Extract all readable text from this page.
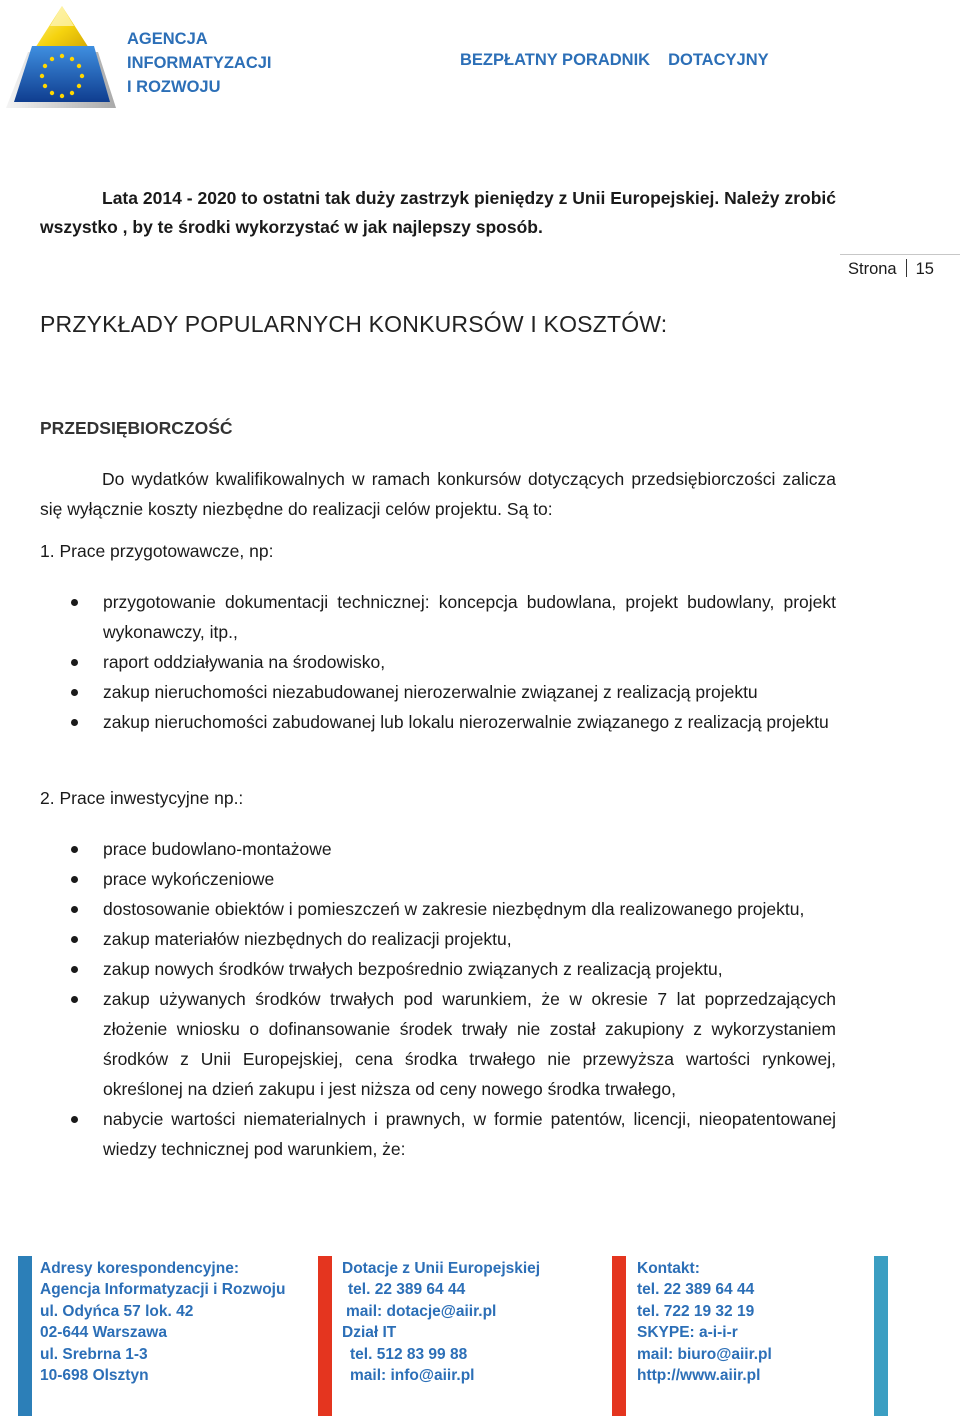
AGENCJA
INFORMATYZACJI
I ROZWOJU
BEZPŁATNY PORADNIK DOTACYJNY

Lata 2014 - 2020 to ostatni tak duży zastrzyk pieniędzy z Unii Europejskiej. Należy zrobić wszystko , by te środki wykorzystać w jak najlepszy sposób.

Strona 15
PRZYKŁADY POPULARNYCH KONKURSÓW I KOSZTÓW:
PRZEDSIĘBIORCZOŚĆ

Do wydatków kwalifikowalnych w ramach konkursów dotyczących przedsiębiorczości zalicza się wyłącznie koszty niezbędne do realizacji celów projektu. Są to:

1. Prace przygotowawcze, np:
przygotowanie dokumentacji technicznej: koncepcja budowlana, projekt budowlany, projekt wykonawczy, itp.,
raport oddziaływania na środowisko,
zakup nieruchomości niezabudowanej nierozerwalnie związanej z realizacją projektu
zakup nieruchomości zabudowanej lub lokalu nierozerwalnie związanego z realizacją projektu
2. Prace inwestycyjne np.:
prace budowlano-montażowe
prace wykończeniowe
dostosowanie obiektów i pomieszczeń w zakresie niezbędnym dla realizowanego projektu,
zakup materiałów niezbędnych do realizacji projektu,
zakup nowych środków trwałych bezpośrednio związanych z realizacją projektu,
zakup używanych środków trwałych pod warunkiem, że w okresie 7 lat poprzedzających złożenie wniosku o dofinansowanie środek trwały nie został zakupiony z wykorzystaniem środków z Unii Europejskiej, cena środka trwałego nie przewyższa wartości rynkowej, określonej na dzień zakupu i jest niższa od ceny nowego środka trwałego,
nabycie wartości niematerialnych i prawnych, w formie patentów, licencji, nieopatentowanej wiedzy technicznej pod warunkiem, że:
Adresy korespondencyjne:
Agencja Informatyzacji i Rozwoju
ul. Odyńca 57 lok. 42
02-644 Warszawa
ul. Srebrna 1-3
10-698 Olsztyn
Dotacje z Unii Europejskiej
tel. 22 389 64 44
mail: dotacje@aiir.pl
Dział IT
tel. 512 83 99 88
mail: info@aiir.pl
Kontakt:
tel. 22 389 64 44
tel. 722 19 32 19
SKYPE: a-i-i-r
mail: biuro@aiir.pl
http://www.aiir.pl
